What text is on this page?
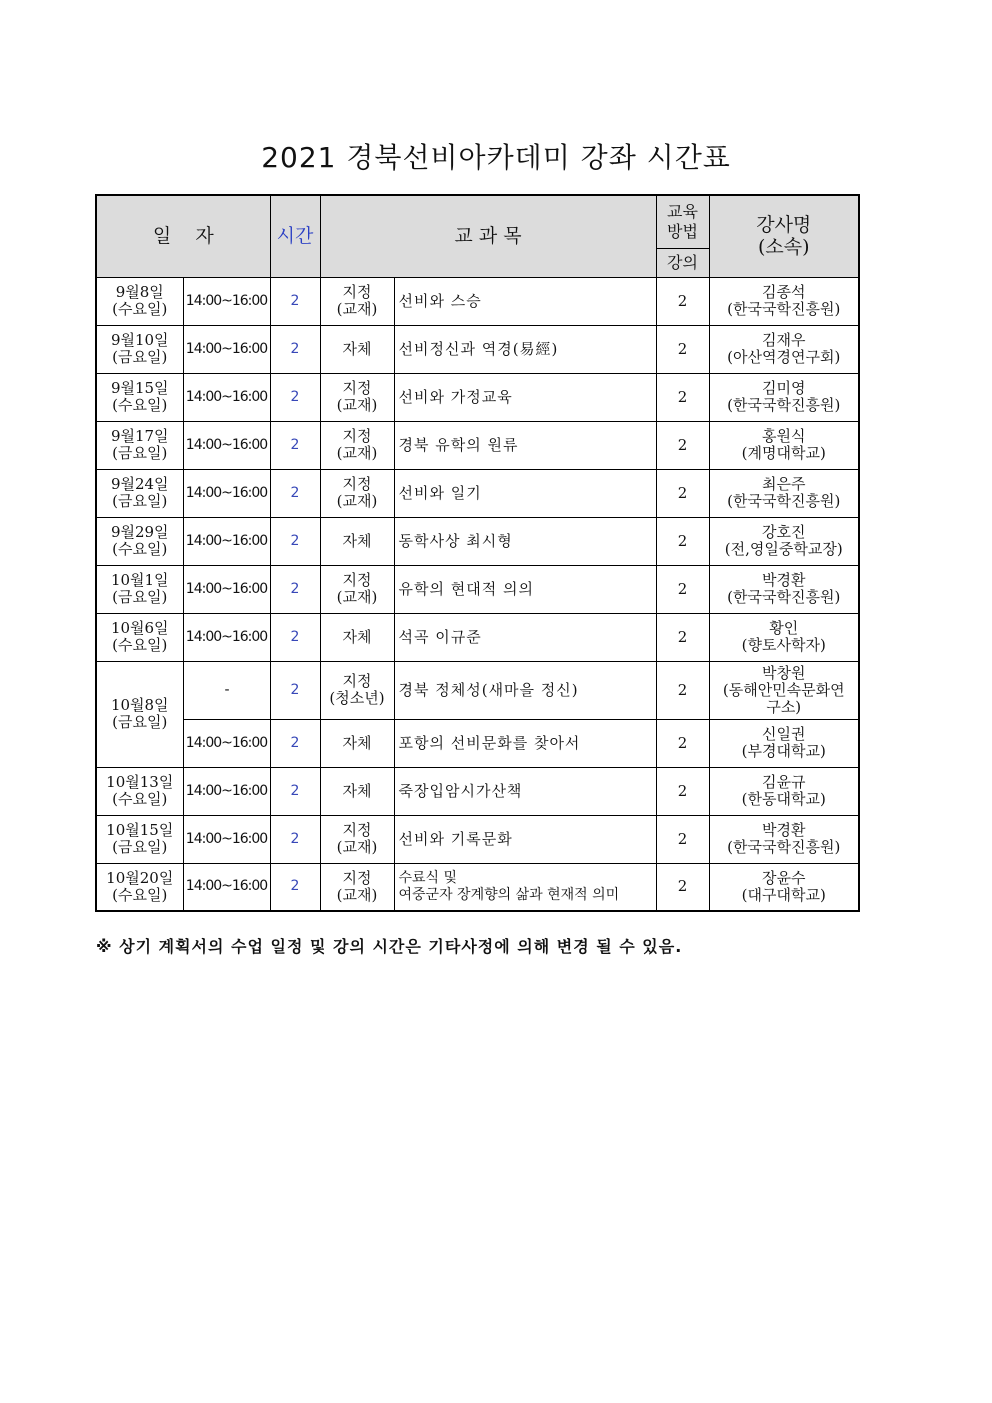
2021 경북선비아카데미 강좌 시간표
일    자		시간	교 과 목		교육
방법	강사명
(소속)

					강의	

9월8일
(수요일)	14:00~16:00	2	지정
(교재)	선비와 스승	2	김종석
(한국국학진흥원)

9월10일
(금요일)	14:00~16:00	2	자체	선비정신과 역경(易經)	2	김재우
(아산역경연구회)

9월15일
(수요일)	14:00~16:00	2	지정
(교재)	선비와 가정교육	2	김미영
(한국국학진흥원)

9월17일
(금요일)	14:00~16:00	2	지정
(교재)	경북 유학의 원류	2	홍원식
(계명대학교)

9월24일
(금요일)	14:00~16:00	2	지정
(교재)	선비와 일기	2	최은주
(한국국학진흥원)

9월29일
(수요일)	14:00~16:00	2	자체	동학사상 최시형	2	강호진
(전,영일중학교장)

10월1일
(금요일)	14:00~16:00	2	지정
(교재)	유학의 현대적 의의	2	박경환
(한국국학진흥원)

10월6일
(수요일)	14:00~16:00	2	자체	석곡 이규준	2	황인
(향토사학자)

10월8일
(금요일)	-	2	지정
(청소년)	경북 정체성(새마을 정신)	2	박창원
(동해안민속문화연
구소)

	14:00~16:00	2	자체	포항의 선비문화를 찾아서	2	신일권
(부경대학교)

10월13일
(수요일)	14:00~16:00	2	자체	죽장입암시가산책	2	김윤규
(한동대학교)

10월15일
(금요일)	14:00~16:00	2	지정
(교재)	선비와 기록문화	2	박경환
(한국국학진흥원)

10월20일
(수요일)	14:00~16:00	2	지정
(교재)	수료식 및
여중군자 장계향의 삶과 현재적 의미	2	장윤수
(대구대학교)

※ 상기 계획서의 수업 일정 및 강의 시간은 기타사정에 의해 변경 될 수 있음.
